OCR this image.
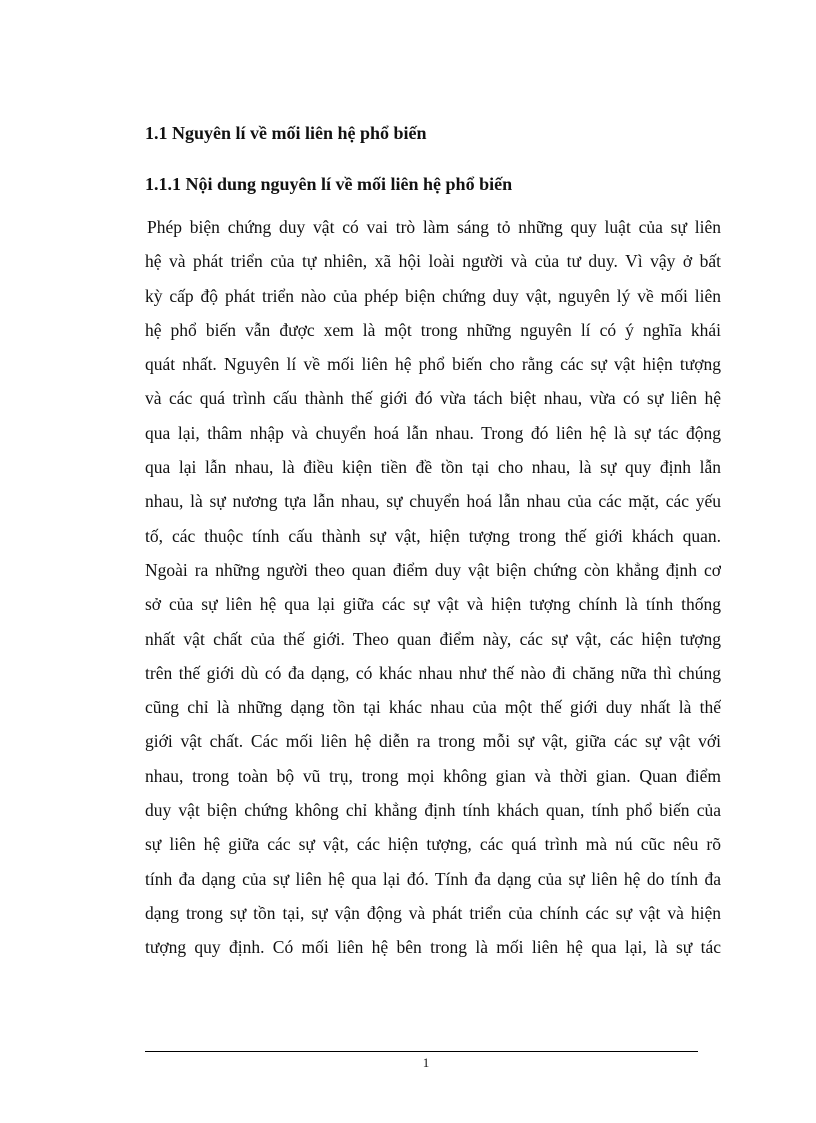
1.1 Nguyên lí về mối liên hệ phổ biến
1.1.1 Nội dung nguyên lí về mối liên hệ phổ biến
Phép biện chứng duy vật có vai trò làm sáng tỏ những quy luật của sự liên
hệ và phát triển của tự nhiên, xã hội loài người và của tư duy. Vì vậy ở bất
kỳ cấp độ phát triển nào của phép biện chứng duy vật, nguyên lý về mối liên
hệ phổ biến vẫn được xem là một trong những nguyên lí có ý nghĩa khái
quát nhất. Nguyên lí về mối liên hệ phổ biến cho rằng các sự vật hiện tượng
và các quá trình cấu thành thế giới đó vừa tách biệt nhau, vừa có sự liên hệ
qua lại, thâm nhập và chuyển hoá lẫn nhau. Trong đó liên hệ là sự tác động
qua lại lẫn nhau, là điều kiện tiền đề tồn tại cho nhau, là sự quy định lẫn
nhau, là sự nương tựa lẫn nhau, sự chuyển hoá lẫn nhau của các mặt, các yếu
tố, các thuộc tính cấu thành sự vật, hiện tượng trong thế giới khách quan.
Ngoài ra những người theo quan điểm duy vật biện chứng còn khẳng định cơ
sở của sự liên hệ qua lại giữa các sự vật và hiện tượng chính là tính thống
nhất vật chất của thế giới. Theo quan điểm này, các sự vật, các hiện tượng
trên thế giới dù có đa dạng, có khác nhau như thế nào đi chăng nữa thì chúng
cũng chỉ là những dạng tồn tại khác nhau của một thế giới duy nhất là thế
giới vật chất. Các mối liên hệ diễn ra trong mỗi sự vật, giữa các sự vật với
nhau, trong toàn bộ vũ trụ, trong mọi không gian và thời gian. Quan điểm
duy vật biện chứng không chỉ khẳng định tính khách quan, tính phổ biến của
sự liên hệ giữa các sự vật, các hiện tượng, các quá trình mà nú cũc nêu rõ
tính đa dạng của sự liên hệ qua lại đó. Tính đa dạng của sự liên hệ do tính đa
dạng trong sự tồn tại, sự vận động và phát triển của chính các sự vật và hiện
tượng quy định. Có mối liên hệ bên trong là mối liên hệ qua lại, là sự tác
1
